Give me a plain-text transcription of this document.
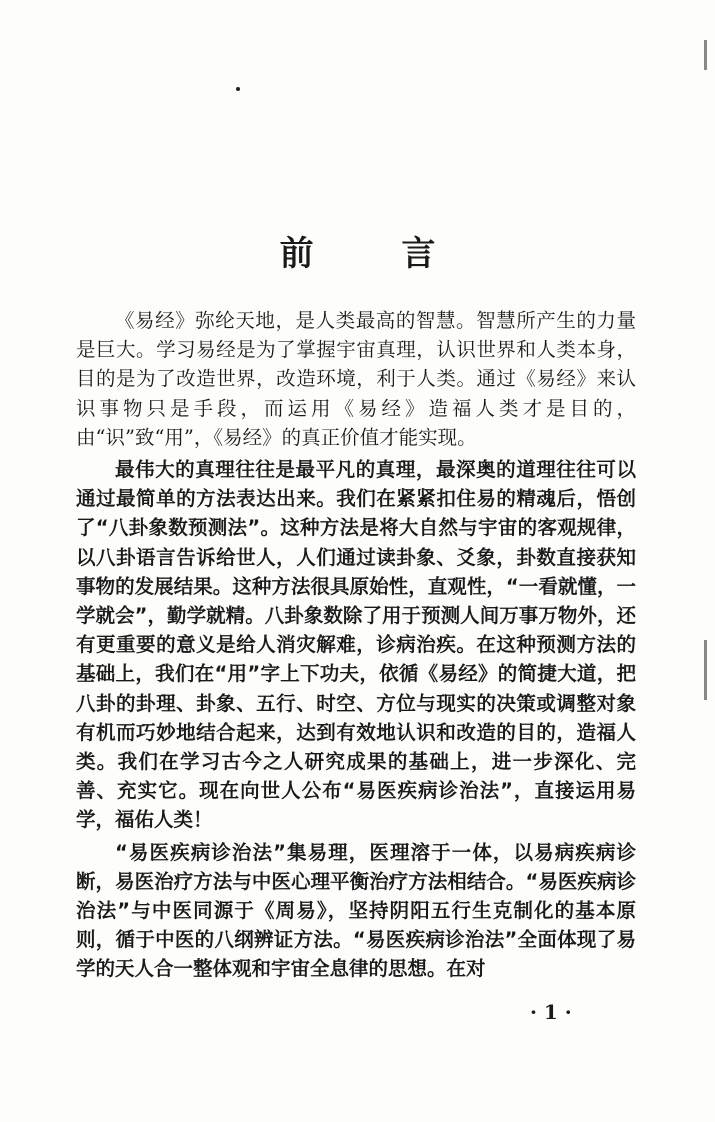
前 言

《易经》弥纶天地，是人类最高的智慧。智慧所产生的力量是巨大。学习易经是为了掌握宇宙真理，认识世界和人类本身，目的是为了改造世界，改造环境，利于人类。通过《易经》来认识事物只是手段，而运用《易经》造福人类才是目的，由“识”致“用”，《易经》的真正价值才能实现。

最伟大的真理往往是最平凡的真理，最深奥的道理往往可以通过最简单的方法表达出来。我们在紧紧扣住易的精魂后，悟创了“八卦象数预测法”。这种方法是将大自然与宇宙的客观规律，以八卦语言告诉给世人，人们通过读卦象、爻象，卦数直接获知事物的发展结果。这种方法很具原始性，直观性，“一看就懂，一学就会”，勤学就精。八卦象数除了用于预测人间万事万物外，还有更重要的意义是给人消灾解难，诊病治疾。在这种预测方法的基础上，我们在“用”字上下功夫，依循《易经》的简捷大道，把八卦的卦理、卦象、五行、时空、方位与现实的决策或调整对象有机而巧妙地结合起来，达到有效地认识和改造的目的，造福人类。我们在学习古今之人研究成果的基础上，进一步深化、完善、充实它。现在向世人公布“易医疾病诊治法”，直接运用易学，福佑人类！

“易医疾病诊治法”集易理，医理溶于一体，以易病疾病诊断，易医治疗方法与中医心理平衡治疗方法相结合。“易医疾病诊治法”与中医同源于《周易》，坚持阴阳五行生克制化的基本原则，循于中医的八纲辨证方法。“易医疾病诊治法”全面体现了易学的天人合一整体观和宇宙全息律的思想。在对

· 1 ·
